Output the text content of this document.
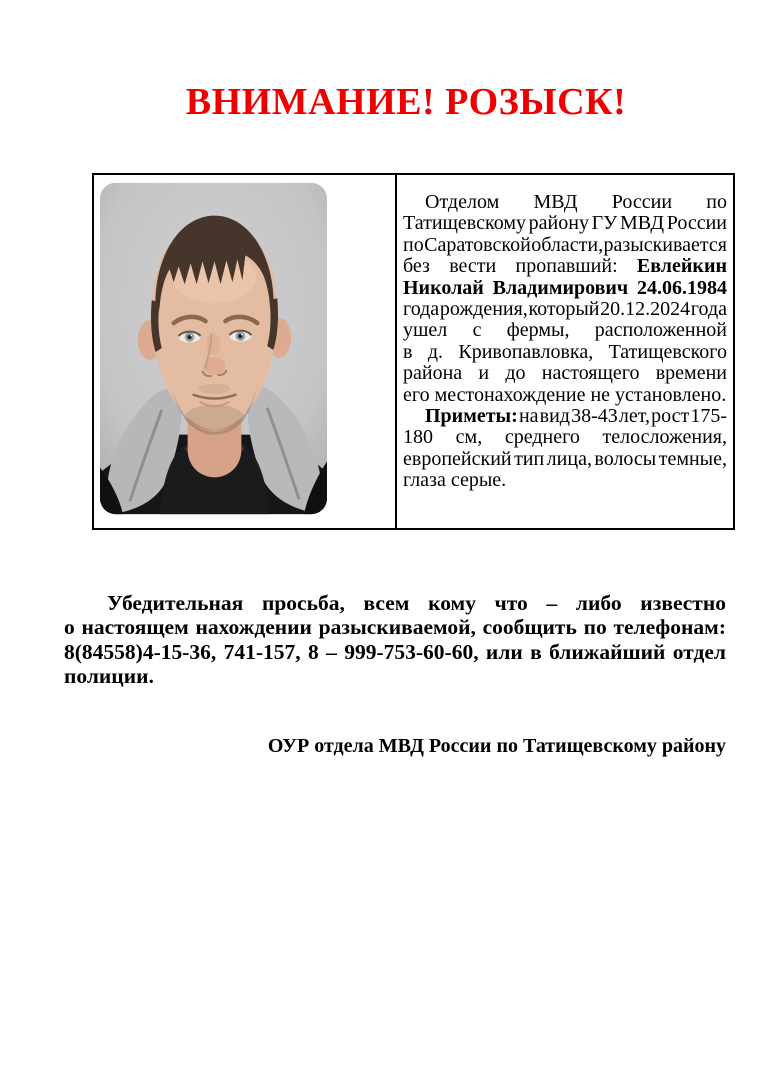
ВНИМАНИЕ! РОЗЫСК!
Отделом МВД России по
Татищевскому району ГУ МВД России
по Саратовской области, разыскивается
без вести пропавший: Евлейкин
Николай Владимирович 24.06.1984
года рождения, который 20.12.2024 года
ушел с фермы, расположенной
в д. Кривопавловка, Татищевского
района и до настоящего времени
его местонахождение не установлено.
Приметы: на вид 38-43 лет, рост 175-
180 см, среднего телосложения,
европейский тип лица, волосы темные,
глаза серые.
Убедительная просьба, всем кому что – либо известно
о настоящем нахождении разыскиваемой, сообщить по телефонам:
8(84558)4-15-36, 741-157, 8 – 999-753-60-60, или в ближайший отдел
полиции.
ОУР отдела МВД России по Татищевскому району
